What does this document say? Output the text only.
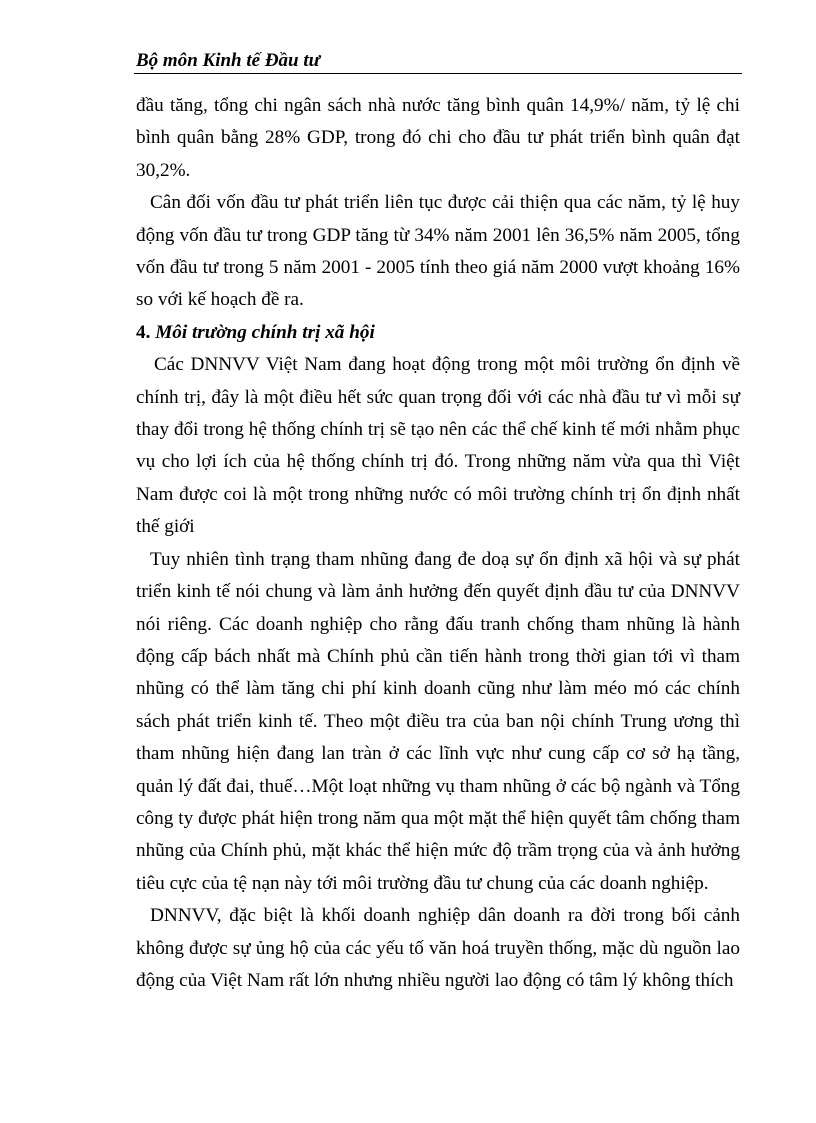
Bộ môn Kinh tế Đầu tư

đầu tăng, tổng chi ngân sách nhà nước tăng bình quân 14,9%/ năm, tỷ lệ chi bình quân bằng 28% GDP, trong đó chi cho đầu tư phát triển bình quân đạt 30,2%.

Cân đối vốn đầu tư phát triển liên tục được cải thiện qua các năm, tỷ lệ huy động vốn đầu tư trong GDP tăng từ 34% năm 2001 lên 36,5% năm 2005, tổng vốn đầu tư trong 5 năm 2001 - 2005 tính theo giá năm 2000 vượt khoảng 16% so với kế hoạch đề ra.

4. Môi trường chính trị xã hội

Các DNNVV Việt Nam đang hoạt động trong một môi trường ổn định về chính trị, đây là một điều hết sức quan trọng đối với các nhà đầu tư vì mỗi sự thay đổi trong hệ thống chính trị sẽ tạo nên các thể chế kinh tế mới nhằm phục vụ cho lợi ích của hệ thống chính trị đó. Trong những năm vừa qua thì Việt Nam được coi là một trong những nước có môi trường chính trị ổn định nhất thế giới

Tuy nhiên tình trạng tham nhũng đang đe doạ sự ổn định xã hội và sự phát triển kinh tế nói chung và làm ảnh hưởng đến quyết định đầu tư của DNNVV nói riêng. Các doanh nghiệp cho rằng đấu tranh chống tham nhũng là hành động cấp bách nhất mà Chính phủ cần tiến hành trong thời gian tới vì tham nhũng có thể làm tăng chi phí kinh doanh cũng như làm méo mó các chính sách phát triển kinh tế. Theo một điều tra của ban nội chính Trung ương thì tham nhũng hiện đang lan tràn ở các lĩnh vực như cung cấp cơ sở hạ tầng, quản lý đất đai, thuế…Một loạt những vụ tham nhũng ở các bộ ngành và Tổng công ty được phát hiện trong năm qua một mặt thể hiện quyết tâm chống tham nhũng của Chính phủ, mặt khác thể hiện mức độ trầm trọng của và ảnh hưởng tiêu cực của tệ nạn này tới môi trường đầu tư chung của các doanh nghiệp.

DNNVV, đặc biệt là khối doanh nghiệp dân doanh ra đời trong bối cảnh không được sự ủng hộ của các yếu tố văn hoá truyền thống, mặc dù nguồn lao động của Việt Nam rất lớn nhưng nhiều người lao động có tâm lý không thích
